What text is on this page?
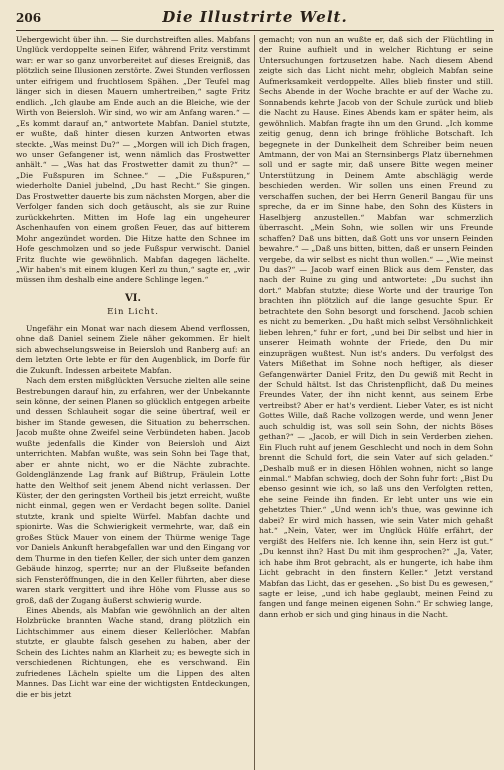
206	Die Illustrirte Welt.

Uebergewicht über ihn. — Sie durchstreiften alles. Mabfans Unglück verdoppelte seinen Eifer, während Fritz verstimmt war: er war so ganz unvorbereitet auf dieses Ereigniß, das plötzlich seine Illusionen zerstörte. Zwei Stunden verflossen unter eifrigem und fruchtlosem Spähen. „Der Teufel mag länger sich in diesen Mauern umhertreiben,“ sagte Fritz endlich. „Ich glaube am Ende auch an die Bleiche, wie der Wirth von Beiersloh. Wir sind, wo wir am Anfang waren.“ — „Es kommt darauf an,“ antwortete Mabfan. Daniel stutzte, er wußte, daß hinter diesen kurzen Antworten etwas steckte. „Was meinst Du?“ — „Morgen will ich Dich fragen, wo unser Gefangener ist, wenn nämlich das Frostwetter anhält.“ — „Was hat das Frostwetter damit zu thun?“ — „Die Fußspuren im Schnee.“ — „Die Fußspuren,“ wiederholte Daniel jubelnd, „Du hast Recht.“ Sie gingen. Das Frostwetter dauerte bis zum nächsten Morgen, aber die Verfolger fanden sich doch getäuscht, als sie zur Ruine zurückkehrten. Mitten im Hofe lag ein ungeheurer Aschenhaufen von einem großen Feuer, das auf bitterem Mohr angezündet worden. Die Hitze hatte den Schnee im Hofe geschmolzen und so jede Fußspur verwischt. Daniel Fritz fluchte wie gewöhnlich. Mabfan dagegen lächelte. „Wir haben's mit einem klugen Kerl zu thun,“ sagte er, „wir müssen ihm deshalb eine andere Schlinge legen.“

VI.
Ein Licht.

Ungefähr ein Monat war nach diesem Abend verflossen, ohne daß Daniel seinem Ziele näher gekommen. Er hielt sich abwechselungsweise in Beiersloh und Ranberg auf: an dem letzten Orte lebte er für den Augenblick, im Dorfe für die Zukunft. Indessen arbeitete Mabfan.

Nach dem ersten mißglückten Versuche zielten alle seine Bestrebungen darauf hin, zu erfahren, wer der Unbekannte sein könne, der seinen Planen so glücklich entgegen arbeite und dessen Schlauheit sogar die seine übertraf, weil er bisher im Stande gewesen, die Situation zu beherrschen. Jacob mußte ohne Zweifel seine Verbündeten haben. Jacob wußte jedenfalls die Kinder von Beiersloh und Aizt unterrichten. Mabfan wußte, was sein Sohn bei Tage that, aber er ahnte nicht, wo er die Nächte zubrachte. Goldenglänzende Lag frank auf Bißtrup, Fräulein Lotte hatte den Welthof seit jenem Abend nicht verlassen. Der Küster, der den geringsten Vortheil bis jetzt erreicht, wußte nicht einmal, gegen wen er Verdacht begen sollte. Daniel stutzte, krank und spielte Würfel. Mabfan dachte und spionirte. Was die Schwierigkeit vermehrte, war, daß ein großes Stück Mauer von einem der Thürme wenige Tage vor Daniels Ankunft herabgefallen war und den Eingang vor dem Thurme in den tiefen Keller, der sich unter dem ganzen Gebäude hinzog, sperrte; nur an der Flußseite befanden sich Fensteröffnungen, die in den Keller führten, aber diese waren stark vergittert und ihre Höhe vom Flusse aus so groß, daß der Zugang äußerst schwierig wurde.

Eines Abends, als Mabfan wie gewöhnlich an der alten Holzbrücke brannten Wache stand, drang plötzlich ein Lichtschimmer aus einem dieser Kellerlöcher. Mabfan stutzte, er glaubte falsch gesehen zu haben, aber der Schein des Lichtes nahm an Klarheit zu; es bewegte sich in verschiedenen Richtungen, ehe es verschwand. Ein zufriedenes Lächeln spielte um die Lippen des alten Mannes. Das Licht war eine der wichtigsten Entdeckungen, die er bis jetzt

gemacht; von nun an wußte er, daß sich der Flüchtling in der Ruine aufhielt und in welcher Richtung er seine Untersuchungen fortzusetzen habe. Nach diesem Abend zeigte sich das Licht nicht mehr, obgleich Mabfan seine Aufmerksamkeit verdoppelte. Alles blieb finster und still. Sechs Abende in der Woche brachte er auf der Wache zu. Sonnabends kehrte Jacob von der Schule zurück und blieb die Nacht zu Hause. Eines Abends kam er später heim, als gewöhnlich. Mabfan fragte ihn um den Grund. „Ich komme zeitig genug, denn ich bringe fröhliche Botschaft. Ich begegnete in der Dunkelheit dem Schreiber beim neuen Amtmann, der von Mai an Sternsinbergs Platz übernehmen soll und er sagte mir, daß unsere Bitte wegen meiner Unterstützung in Deinem Amte abschlägig werde beschieden werden. Wir sollen uns einen Freund zu verschaffen suchen, der bei Herrn Generil Bangau für uns spreche, da er im Sinne habe, den Sohn des Küsters in Haselbjerg anzustellen.“ Mabfan war schmerzlich überrascht. „Mein Sohn, wie sollen wir uns Freunde schaffen? Daß uns bitten, daß Gott uns vor unsern Feinden bewahre.“ — „Daß uns bitten, bitten, daß er unsern Feinden vergebe, da wir selbst es nicht thun wollen.“ — „Wie meinst Du das?“ — Jacob warf einen Blick aus dem Fenster, das nach der Ruine zu ging und antwortete: „Du suchst ihn dort.“ Mabfan stutzte; diese Worte und der traurige Ton brachten ihn plötzlich auf die lange gesuchte Spur. Er betrachtete den Sohn besorgt und forschend. Jacob schien es nicht zu bemerken. „Du haßt mich selbst Versöhnlichkeit lieben lehren,“ fuhr er fort, „und bei Dir selbst und hier in unserer Heimath wohnte der Friede, den Du mir einzuprägen wußtest. Nun ist's anders. Du verfolgst des Vaters Mißethat im Sohne noch heftiger, als dieser Gefangenwärter Daniel Fritz, den Du gewiß mit Recht in der Schuld hältst. Ist das Christenpflicht, daß Du meines Freundes Vater, der ihn nicht kennt, aus seinem Erbe vertreibst? Aber er hat's verdient. Lieber Vater, es ist nicht Gottes Wille, daß Rache vollzogen werde, und wenn Jener auch schuldig ist, was soll sein Sohn, der nichts Böses gethan?“ — „Jacob, er will Dich in sein Verderben ziehen. Ein Fluch ruht auf jenem Geschlecht und noch in dem Sohn brennt die Schuld fort, die sein Vater auf sich geladen.“ „Deshalb muß er in diesen Höhlen wohnen, nicht so lange einmal.“ Mabfan schwieg, doch der Sohn fuhr fort: „Bist Du ebenso gesinnt wie ich, so laß uns den Verfolgten retten, ehe seine Feinde ihn finden. Er lebt unter uns wie ein gehetztes Thier.“ „Und wenn ich's thue, was gewinne ich dabei? Er wird mich hassen, wie sein Vater mich gehaßt hat.“ „Nein, Vater, wer im Unglück Hülfe erfährt, der vergißt des Helfers nie. Ich kenne ihn, sein Herz ist gut.“ „Du kennst ihn? Hast Du mit ihm gesprochen?“ „Ja, Vater, ich habe ihm Brot gebracht, als er hungerte, ich habe ihm Licht gebracht in den finstern Keller.“ Jetzt verstand Mabfan das Licht, das er gesehen. „So bist Du es gewesen,“ sagte er leise, „und ich habe geglaubt, meinen Feind zu fangen und fange meinen eigenen Sohn.“ Er schwieg lange, dann erhob er sich und ging hinaus in die Nacht.
